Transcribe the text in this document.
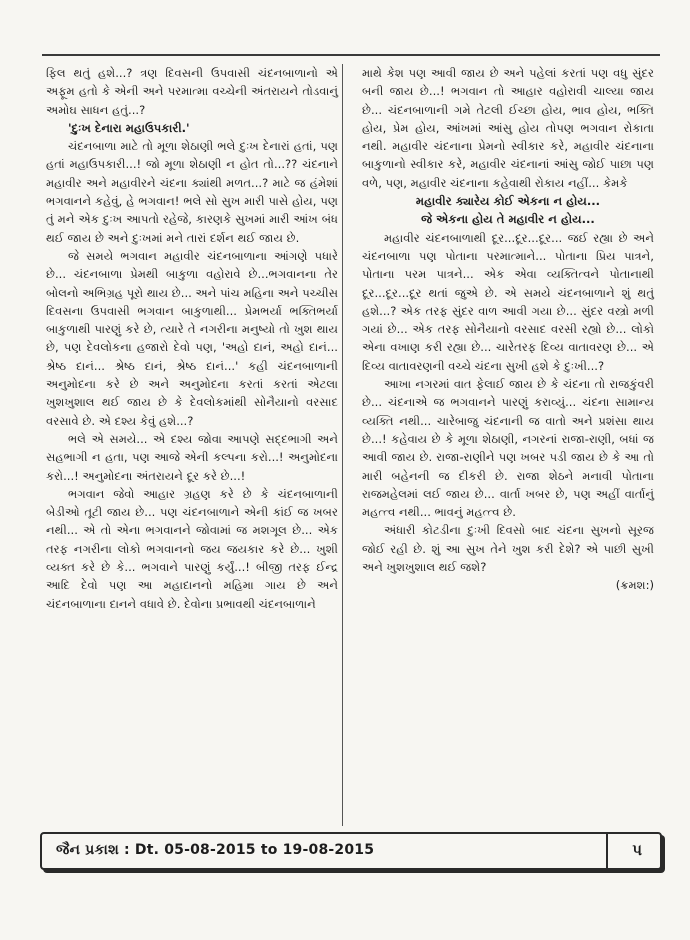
ફિલ થતું હશે...? ત્રણ દિવસની ઉપવાસી ચંદનબાળાનો એ અફૂમ હતો કે એની અને પરમાત્મા વચ્ચેની અંતરાયને તોડવાનું અમોઘ સાધન હતું...?

'દુઃખ દેનારા મહાઉપકારી.'

ચંદનબાળા માટે તો મૂળા શેઠાણી ભલે દુઃખ દેનારાં હતાં, પણ હતાં મહાઉપકારી...! જો મૂળા શેઠાણી ન હોત તો...?? ચંદનાને મહાવીર અને મહાવીરને ચંદના ક્યાંથી મળત...? માટે જ હંમેશાં ભગવાનને કહેવું, હે ભગવાન! ભલે સો સુખ મારી પાસે હોય, પણ તું મને એક દુઃખ આપતો રહેજે, કારણકે સુખમાં મારી આંખ બંધ થઈ જાય છે અને દુઃખમાં મને તારાં દર્શન થઈ જાય છે.

જે સમયે ભગવાન મહાવીર ચંદનબાળાના આંગણે પધારે છે... ચંદનબાળા પ્રેમથી બાકુળા વહોરાવે છે...ભગવાનના તેર બોલનો અભિગ્રહ પૂરો થાય છે... અને પાંચ મહિના અને પચ્ચીસ દિવસના ઉપવાસી ભગવાન બાકુળાથી... પ્રેમભર્યા ભક્તિભર્યા બાકુળાથી પારણું કરે છે, ત્યારે તે નગરીના મનુષ્યો તો ખુશ થાય છે, પણ દેવલોકના હજારો દેવો પણ, 'અહો દાનં, અહો દાનં... શ્રેષ્ઠ દાનં... શ્રેષ્ઠ દાનં, શ્રેષ્ઠ દાનં...' કહી ચંદનબાળાની અનુમોદના કરે છે અને અનુમોદના કરતાં કરતાં એટલા ખુશખુશાલ થઈ જાય છે કે દેવલોકમાંથી સોનૈયાનો વરસાદ વરસાવે છે. એ દશ્ય કેવું હશે...?

ભલે એ સમયે... એ દશ્ય જોવા આપણે સદ્દભાગી અને સહભાગી ન હતા, પણ આજે એની કલ્પના કરો...! અનુમોદના કરો...! અનુમોદના અંતરાયને દૂર કરે છે...!

ભગવાન જેવો આહાર ગ્રહણ કરે છે કે ચંદનબાળાની બેડીઓ તૂટી જાય છે... પણ ચંદનબાળાને એની કાંઈ જ ખબર નથી... એ તો એના ભગવાનને જોવામાં જ મશગૂલ છે... એક તરફ નગરીના લોકો ભગવાનનો જય જયકાર કરે છે... ખુશી વ્યક્ત કરે છે કે... ભગવાને પારણું કર્યું...! બીજી તરફ ઈન્દ્ર આદિ દેવો પણ આ મહાદાનનો મહિમા ગાય છે અને ચંદનબાળાના દાનને વધાવે છે. દેવોના પ્રભાવથી ચંદનબાળાને

માથે કેશ પણ આવી જાય છે અને પહેલાં કરતાં પણ વધુ સુંદર બની જાય છે...! ભગવાન તો આહાર વહોરાવી ચાલ્યા જાય છે... ચંદનબાળાની ગમે તેટલી ઈચ્છા હોય, ભાવ હોય, ભક્તિ હોય, પ્રેમ હોય, આંખમાં આંસુ હોય તોપણ ભગવાન રોકાતા નથી. મહાવીર ચંદનાના પ્રેમનો સ્વીકાર કરે, મહાવીર ચંદનાના બાકુળાનો સ્વીકાર કરે, મહાવીર ચંદનાનાં આંસુ જોઈ પાછા પણ વળે, પણ, મહાવીર ચંદનાના કહેવાથી રોકાય નહીં... કેમકે

મહાવીર ક્યારેય કોઈ એકના ન હોય...

જે એકના હોય તે મહાવીર ન હોય...

મહાવીર ચંદનબાળાથી દૂર...દૂર...દૂર... જઈ રહ્યા છે અને ચંદનબાળા પણ પોતાના પરમાત્માને... પોતાના પ્રિય પાત્રને, પોતાના પરમ પાત્રને... એક એવા વ્યક્તિત્વને પોતાનાથી દૂર...દૂર...દૂર થતાં જુએ છે. એ સમયે ચંદનબાળાને શું થતું હશે...? એક તરફ સુંદર વાળ આવી ગયા છે... સુંદર વસ્ત્રો મળી ગયાં છે... એક તરફ સોનૈયાનો વરસાદ વરસી રહ્યો છે... લોકો એના વખાણ કરી રહ્યા છે... ચારેતરફ દિવ્ય વાતાવરણ છે... એ દિવ્ય વાતાવરણની વચ્ચે ચંદના સુખી હશે કે દુઃખી...?

આખા નગરમાં વાત ફેલાઈ જાય છે કે ચંદના તો રાજકુંવરી છે... ચંદનાએ જ ભગવાનને પારણું કરાવ્યું... ચંદના સામાન્ય વ્યક્તિ નથી... ચારેબાજુ ચંદનાની જ વાતો અને પ્રશંસા થાય છે...! કહેવાય છે કે મૂળા શેઠાણી, નગરનાં રાજા-રાણી, બધાં જ આવી જાય છે. રાજા-રાણીને પણ ખબર પડી જાય છે કે આ તો મારી બહેનની જ દીકરી છે. રાજા શેઠને મનાવી પોતાના રાજમહેલમાં લઈ જાય છે... વાર્તા ખબર છે, પણ અહીં વાર્તાનું મહત્ત્વ નથી... ભાવનું મહત્ત્વ છે.

અંધારી કોટડીના દુઃખી દિવસો બાદ ચંદના સુખનો સૂરજ જોઈ રહી છે. શું આ સુખ તેને ખુશ કરી દેશે? એ પાછી સુખી અને ખુશખુશાલ થઈ જશે?

(ક્રમશ:)

જૈન પ્રકાશ : Dt. 05-08-2015 to 19-08-2015	પ
